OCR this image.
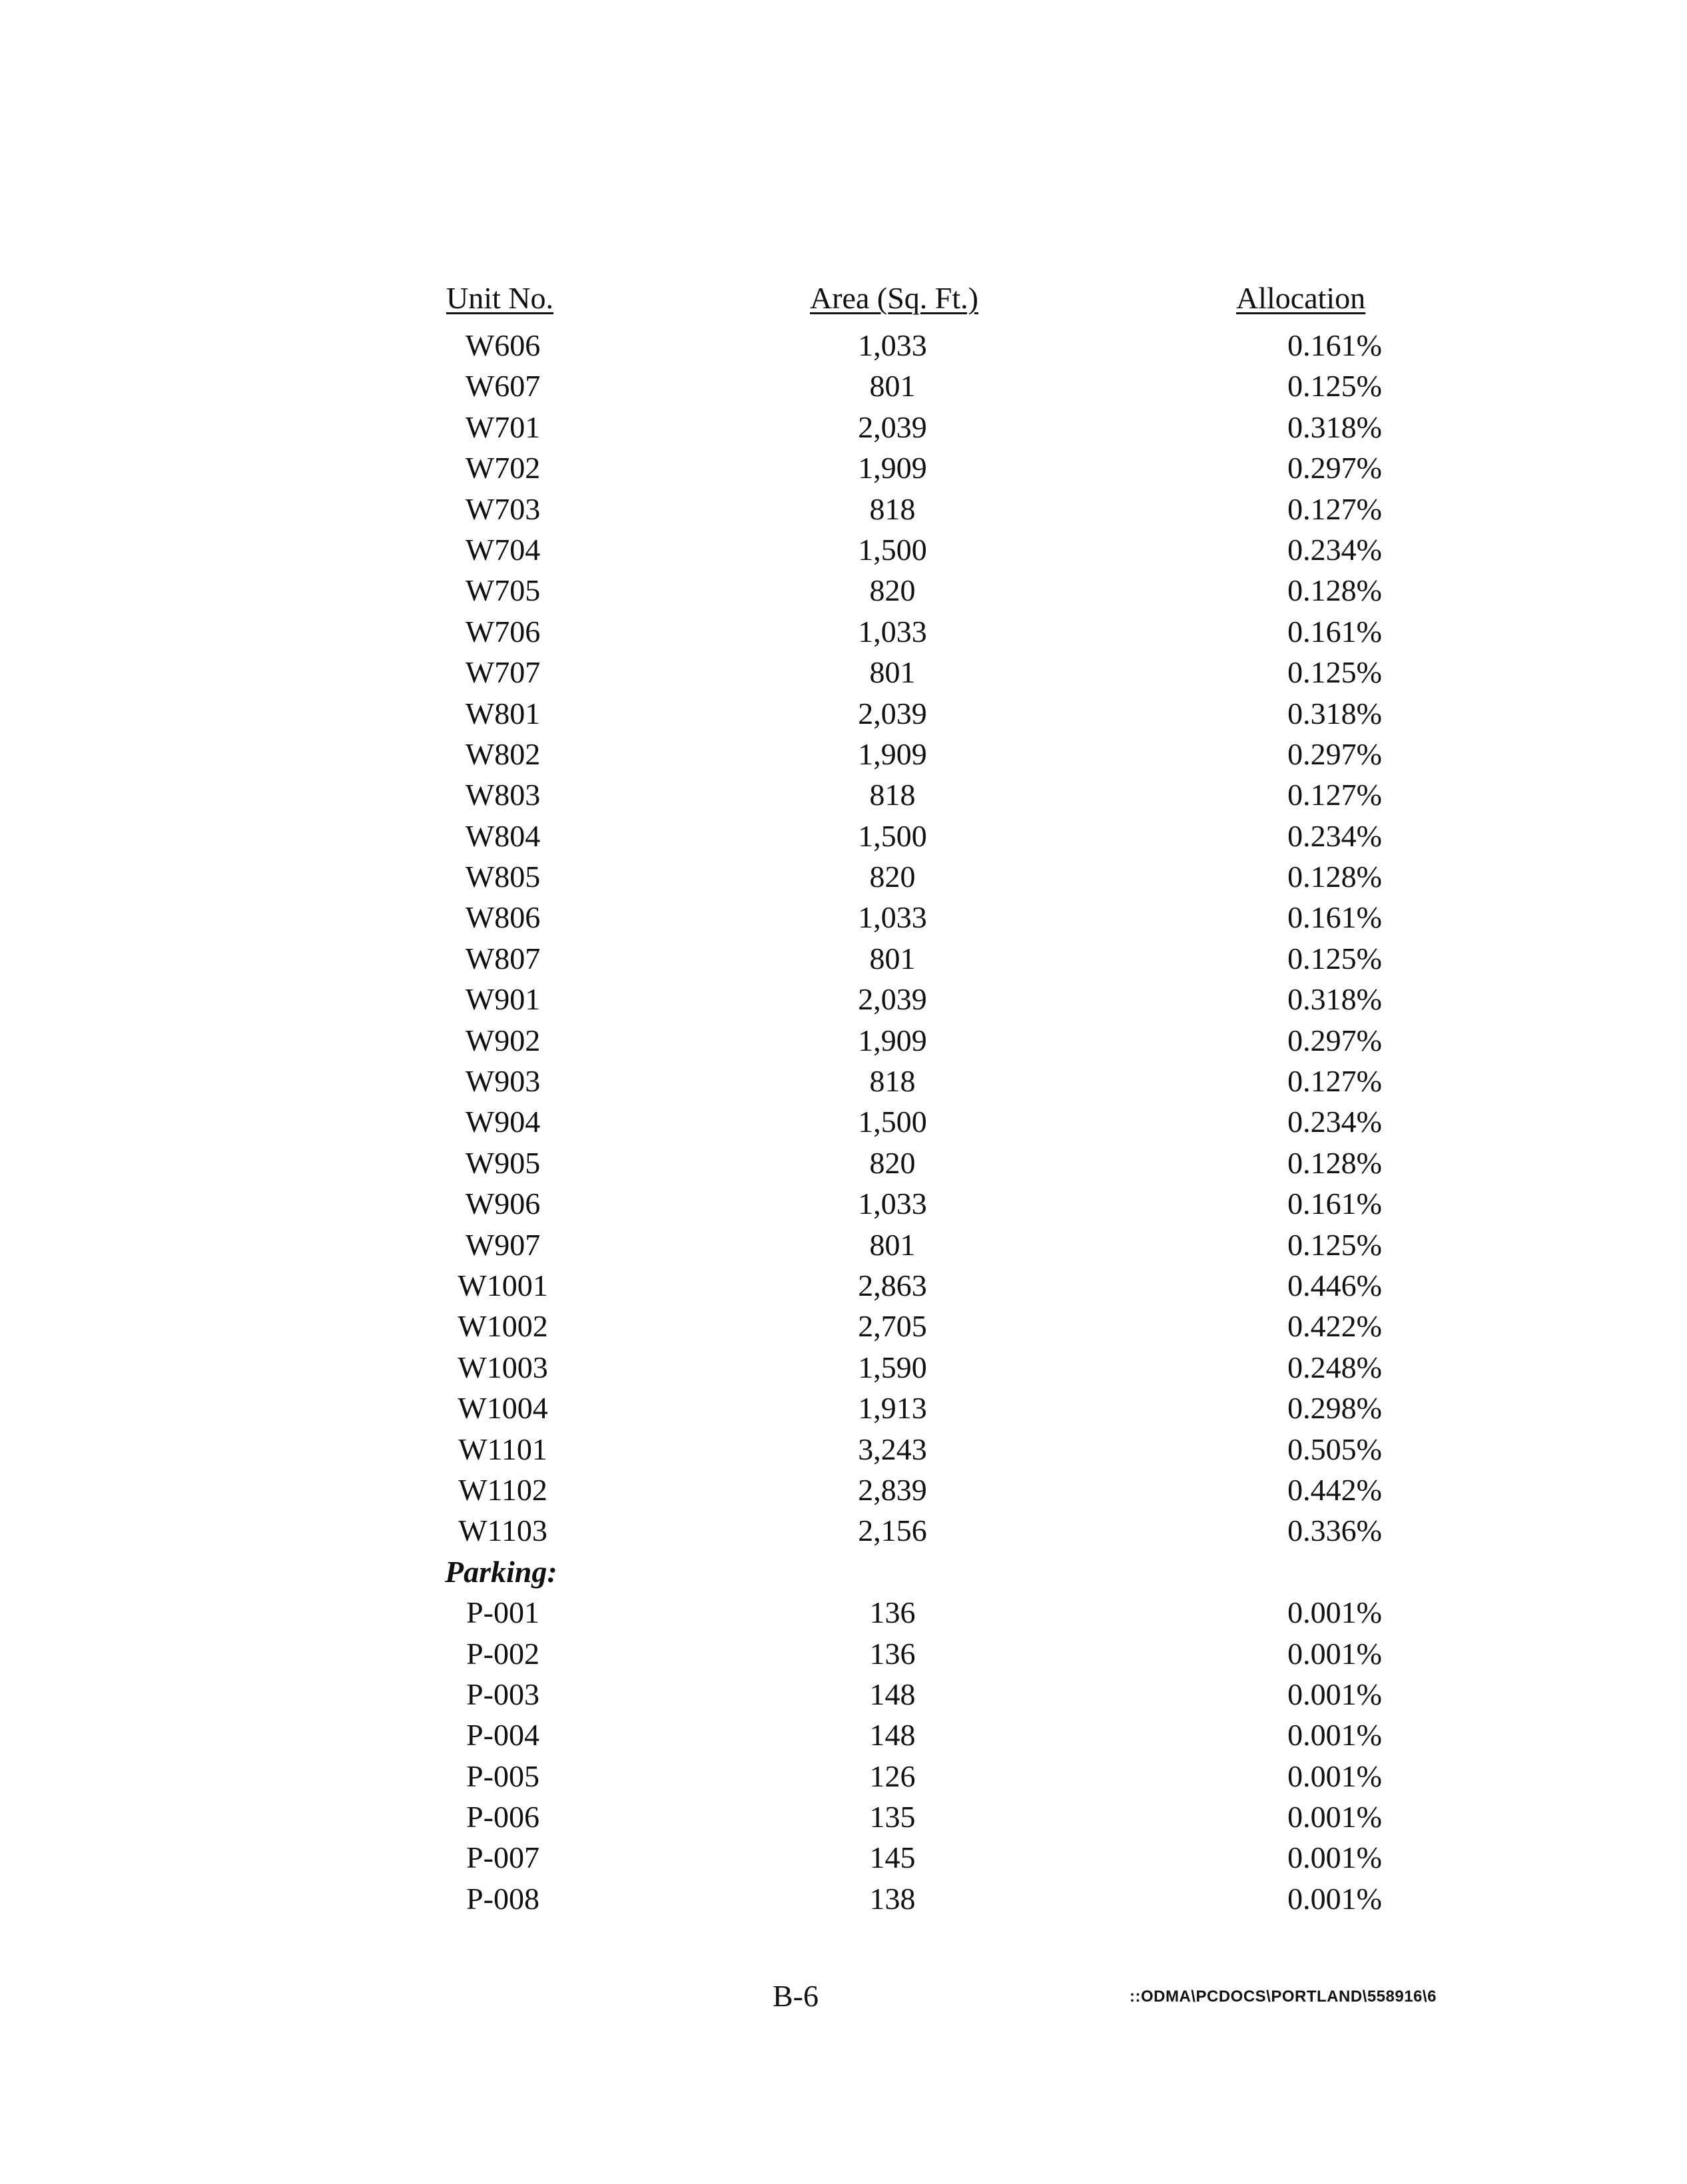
Unit No.	Area (Sq. Ft.)	Allocation
W606	1,033	0.161%
W607	801	0.125%
W701	2,039	0.318%
W702	1,909	0.297%
W703	818	0.127%
W704	1,500	0.234%
W705	820	0.128%
W706	1,033	0.161%
W707	801	0.125%
W801	2,039	0.318%
W802	1,909	0.297%
W803	818	0.127%
W804	1,500	0.234%
W805	820	0.128%
W806	1,033	0.161%
W807	801	0.125%
W901	2,039	0.318%
W902	1,909	0.297%
W903	818	0.127%
W904	1,500	0.234%
W905	820	0.128%
W906	1,033	0.161%
W907	801	0.125%
W1001	2,863	0.446%
W1002	2,705	0.422%
W1003	1,590	0.248%
W1004	1,913	0.298%
W1101	3,243	0.505%
W1102	2,839	0.442%
W1103	2,156	0.336%
Parking:
P-001	136	0.001%
P-002	136	0.001%
P-003	148	0.001%
P-004	148	0.001%
P-005	126	0.001%
P-006	135	0.001%
P-007	145	0.001%
P-008	138	0.001%
B-6	::ODMA\PCDOCS\PORTLAND\558916\6
